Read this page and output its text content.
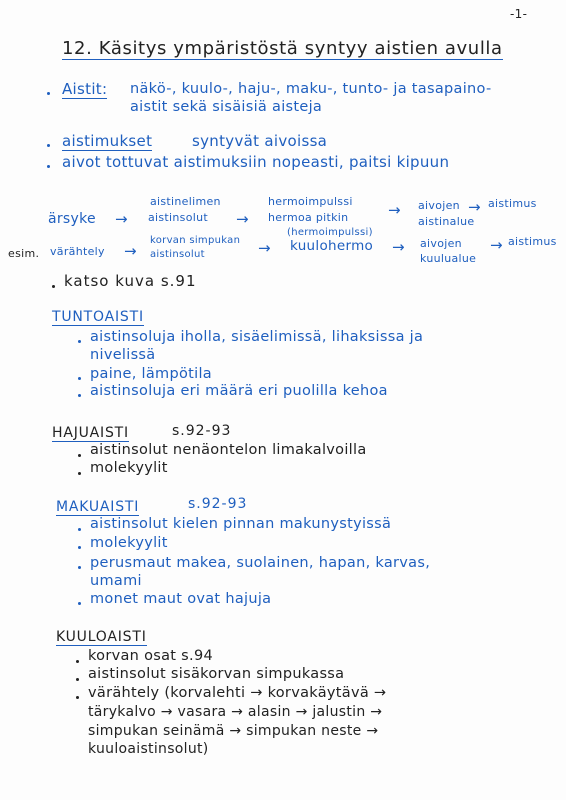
-1-
12. Käsitys ympäristöstä syntyy aistien avulla
Aistit: näkö-, kuulo-, haju-, maku-, tunto- ja tasapaino-
aistit sekä sisäisiä aisteja
aistimukset	syntyvät aivoissa
aivot tottuvat aistimuksiin nopeasti, paitsi kipuun
ärsyke →
aistinelimen
aistinsolut →
hermoimpulssi
hermoa pitkin	→ aivojen
aistinalue
→ aistimus
(hermoimpulssi)
esim. värähtely →
korvan simpukan
aistinsolut	→ kuulohermo → aivojen
kuulualue
→ aistimus
katso kuva s.91
TUNTOAISTI
aistinsoluja iholla, sisäelimissä, lihaksissa ja
nivelissä
paine, lämpötila
aistinsoluja eri määrä eri puolilla kehoa
HAJUAISTI	s.92-93
aistinsolut nenäontelon limakalvoilla
molekyylit
MAKUAISTI	s.92-93
aistinsolut kielen pinnan makunystyissä
molekyylit
perusmaut makea, suolainen, hapan, karvas,
umami
monet maut ovat hajuja
KUULOAISTI
korvan osat s.94
aistinsolut sisäkorvan simpukassa
värähtely (korvalehti → korvakäytävä →
tärykalvo → vasara → alasin → jalustin →
simpukan seinämä → simpukan neste →
kuuloaistinsolut)
